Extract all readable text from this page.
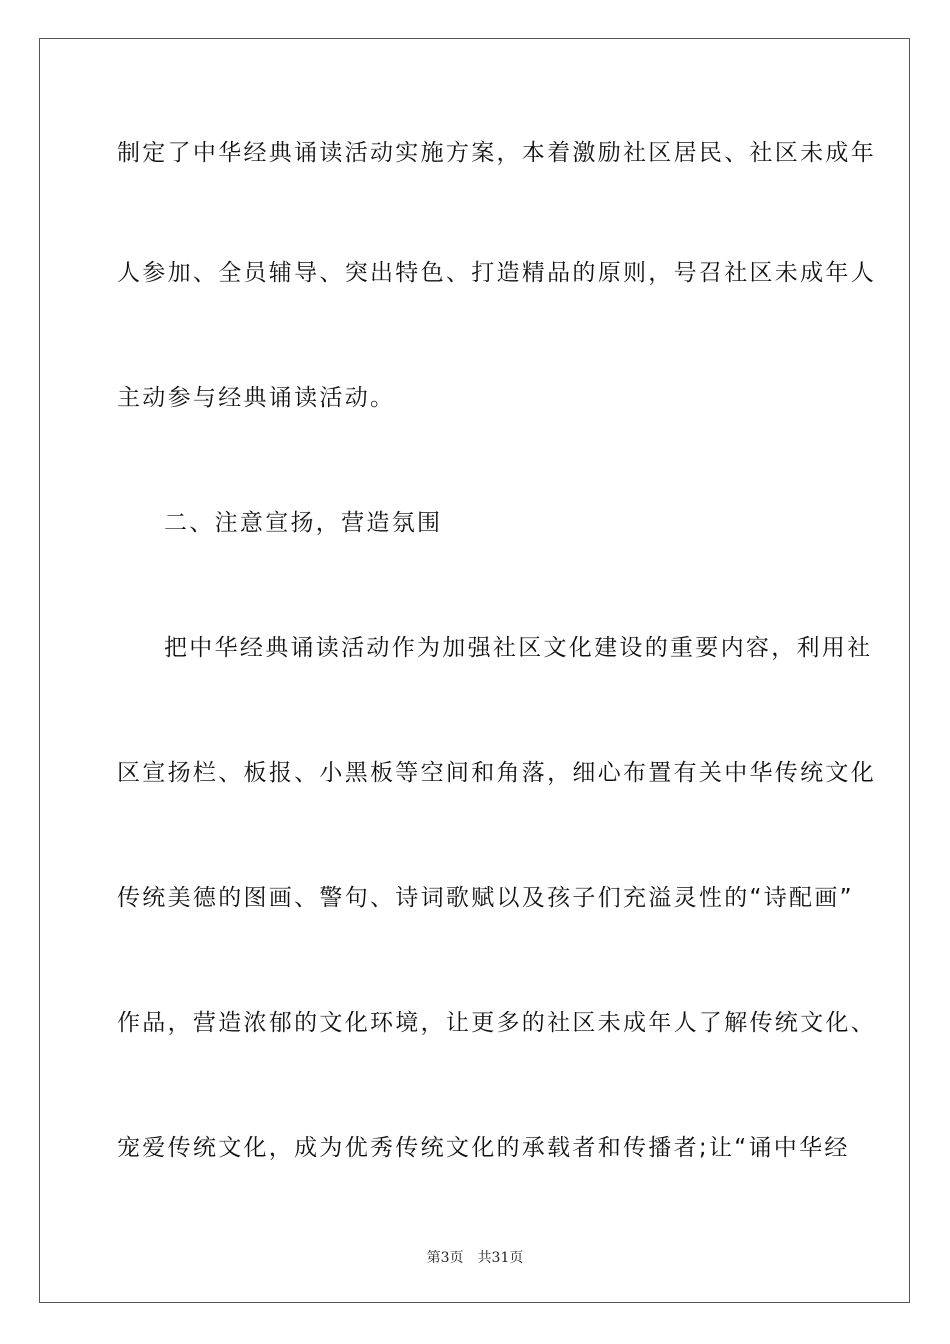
制定了中华经典诵读活动实施方案，本着激励社区居民、社区未成年
人参加、全员辅导、突出特色、打造精品的原则，号召社区未成年人
主动参与经典诵读活动。
二、注意宣扬，营造氛围
把中华经典诵读活动作为加强社区文化建设的重要内容，利用社
区宣扬栏、板报、小黑板等空间和角落，细心布置有关中华传统文化
传统美德的图画、警句、诗词歌赋以及孩子们充溢灵性的“诗配画”
作品，营造浓郁的文化环境，让更多的社区未成年人了解传统文化、
宠爱传统文化，成为优秀传统文化的承载者和传播者;让“诵中华经
第3页 共31页
